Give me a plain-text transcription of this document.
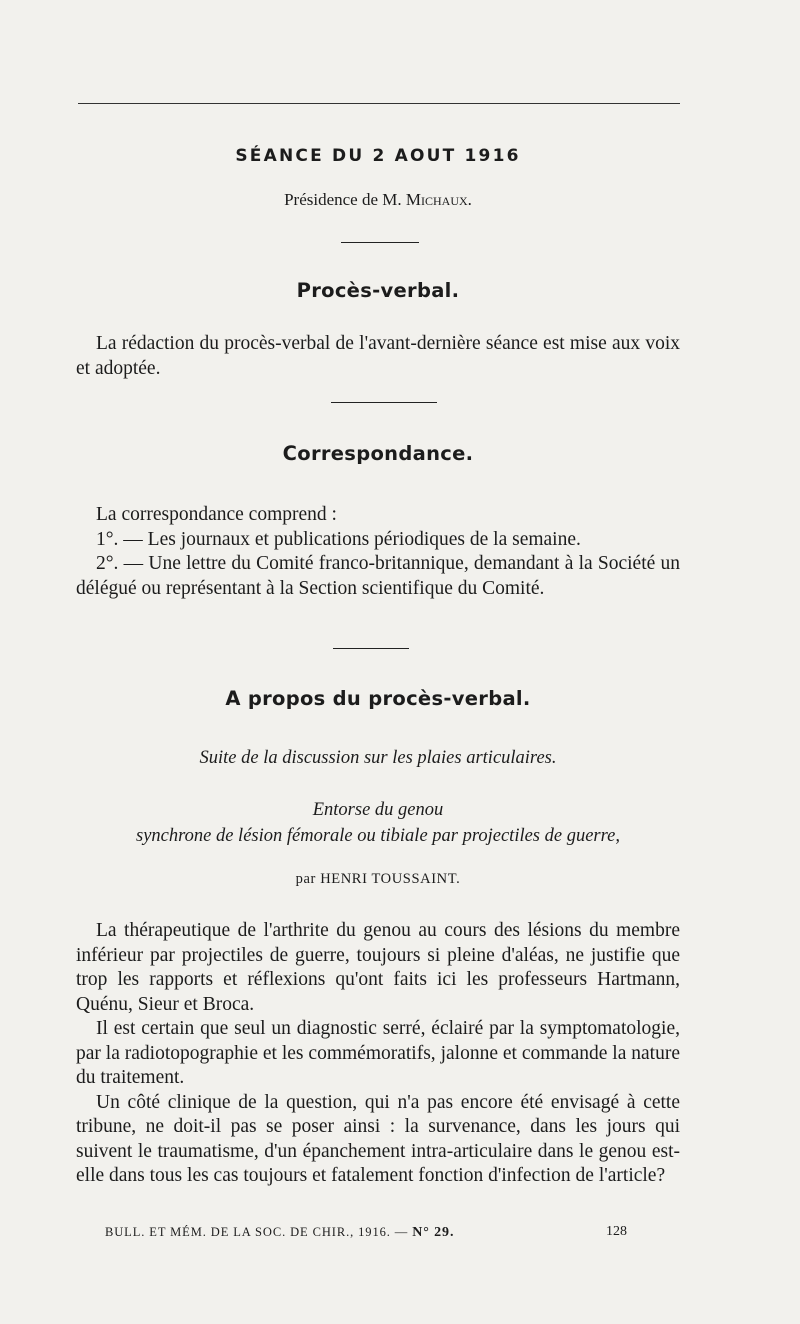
SÉANCE DU 2 AOUT 1916
Présidence de M. Michaux.
Procès-verbal.

La rédaction du procès-verbal de l'avant-dernière séance est mise aux voix et adoptée.

Correspondance.

La correspondance comprend :

1°. — Les journaux et publications périodiques de la semaine.

2°. — Une lettre du Comité franco-britannique, demandant à la Société un délégué ou représentant à la Section scientifique du Comité.

A propos du procès-verbal.
Suite de la discussion sur les plaies articulaires.
Entorse du genou
synchrone de lésion fémorale ou tibiale par projectiles de guerre,
par HENRI TOUSSAINT.

La thérapeutique de l'arthrite du genou au cours des lésions du membre inférieur par projectiles de guerre, toujours si pleine d'aléas, ne justifie que trop les rapports et réflexions qu'ont faits ici les professeurs Hartmann, Quénu, Sieur et Broca.

Il est certain que seul un diagnostic serré, éclairé par la symptomatologie, par la radiotopographie et les commémoratifs, jalonne et commande la nature du traitement.

Un côté clinique de la question, qui n'a pas encore été envisagé à cette tribune, ne doit-il pas se poser ainsi : la survenance, dans les jours qui suivent le traumatisme, d'un épanchement intra-articulaire dans le genou est-elle dans tous les cas toujours et fatalement fonction d'infection de l'article?

BULL. ET MÉM. DE LA SOC. DE CHIR., 1916. — N° 29.	128
